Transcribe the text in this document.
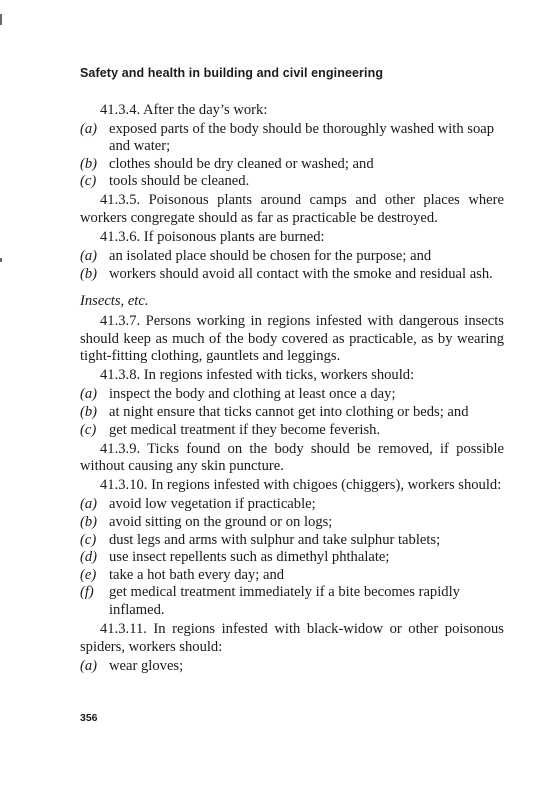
Safety and health in building and civil engineering

41.3.4. After the day’s work:

(a) exposed parts of the body should be thoroughly washed with soap and water;

(b) clothes should be dry cleaned or washed; and

(c) tools should be cleaned.

41.3.5. Poisonous plants around camps and other places where workers congregate should as far as practicable be destroyed.

41.3.6. If poisonous plants are burned:

(a) an isolated place should be chosen for the purpose; and

(b) workers should avoid all contact with the smoke and residual ash.

Insects, etc.

41.3.7. Persons working in regions infested with dangerous insects should keep as much of the body covered as practicable, as by wearing tight-fitting clothing, gauntlets and leggings.

41.3.8. In regions infested with ticks, workers should:

(a) inspect the body and clothing at least once a day;

(b) at night ensure that ticks cannot get into clothing or beds; and

(c) get medical treatment if they become feverish.

41.3.9. Ticks found on the body should be removed, if possible without causing any skin puncture.

41.3.10. In regions infested with chigoes (chiggers), workers should:

(a) avoid low vegetation if practicable;

(b) avoid sitting on the ground or on logs;

(c) dust legs and arms with sulphur and take sulphur tablets;

(d) use insect repellents such as dimethyl phthalate;

(e) take a hot bath every day; and

(f) get medical treatment immediately if a bite becomes rapidly inflamed.

41.3.11. In regions infested with black-widow or other poisonous spiders, workers should:

(a) wear gloves;

356
